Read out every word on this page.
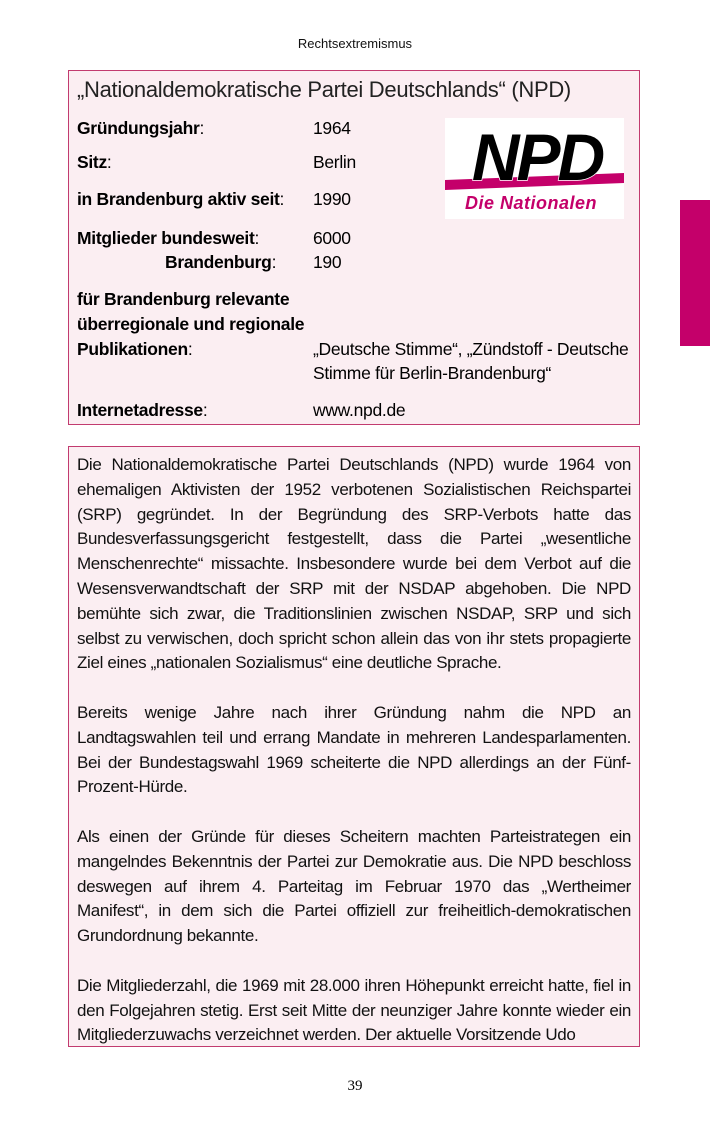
Rechtsextremismus
„Nationaldemokratische Partei Deutschlands“ (NPD)
Gründungsjahr:	1964
Sitz:	Berlin
in Brandenburg aktiv seit: 1990
Mitglieder bundesweit:	6000
Brandenburg: 190
für Brandenburg relevante
überregionale und regionale
Publikationen:	„Deutsche Stimme“, „Zündstoff - Deutsche
Stimme für Berlin-Brandenburg“
Internetadresse:	www.npd.de
NPD
Die Nationalen

Die Nationaldemokratische Partei Deutschlands (NPD) wurde 1964 von ehemaligen Aktivisten der 1952 verbotenen Sozialistischen Reichspartei (SRP) gegründet. In der Begründung des SRP-Verbots hatte das Bundesverfassungsgericht festgestellt, dass die Partei „wesentliche Menschenrechte“ missachte. Insbesondere wurde bei dem Verbot auf die Wesensverwandtschaft der SRP mit der NSDAP abgehoben. Die NPD bemühte sich zwar, die Traditionslinien zwischen NSDAP, SRP und sich selbst zu verwischen, doch spricht schon allein das von ihr stets propagierte Ziel eines „nationalen Sozialismus“ eine deutliche Sprache.

Bereits wenige Jahre nach ihrer Gründung nahm die NPD an Landtagswahlen teil und errang Mandate in mehreren Landesparlamenten. Bei der Bundestagswahl 1969 scheiterte die NPD allerdings an der Fünf-Prozent-Hürde.

Als einen der Gründe für dieses Scheitern machten Parteistrategen ein mangelndes Bekenntnis der Partei zur Demokratie aus. Die NPD beschloss deswegen auf ihrem 4. Parteitag im Februar 1970 das „Wertheimer Manifest“, in dem sich die Partei offiziell zur freiheitlich-demokratischen Grundordnung bekannte.

Die Mitgliederzahl, die 1969 mit 28.000 ihren Höhepunkt erreicht hatte, fiel in den Folgejahren stetig. Erst seit Mitte der neunziger Jahre konnte wieder ein Mitgliederzuwachs verzeichnet werden. Der aktuelle Vorsitzende Udo

39
